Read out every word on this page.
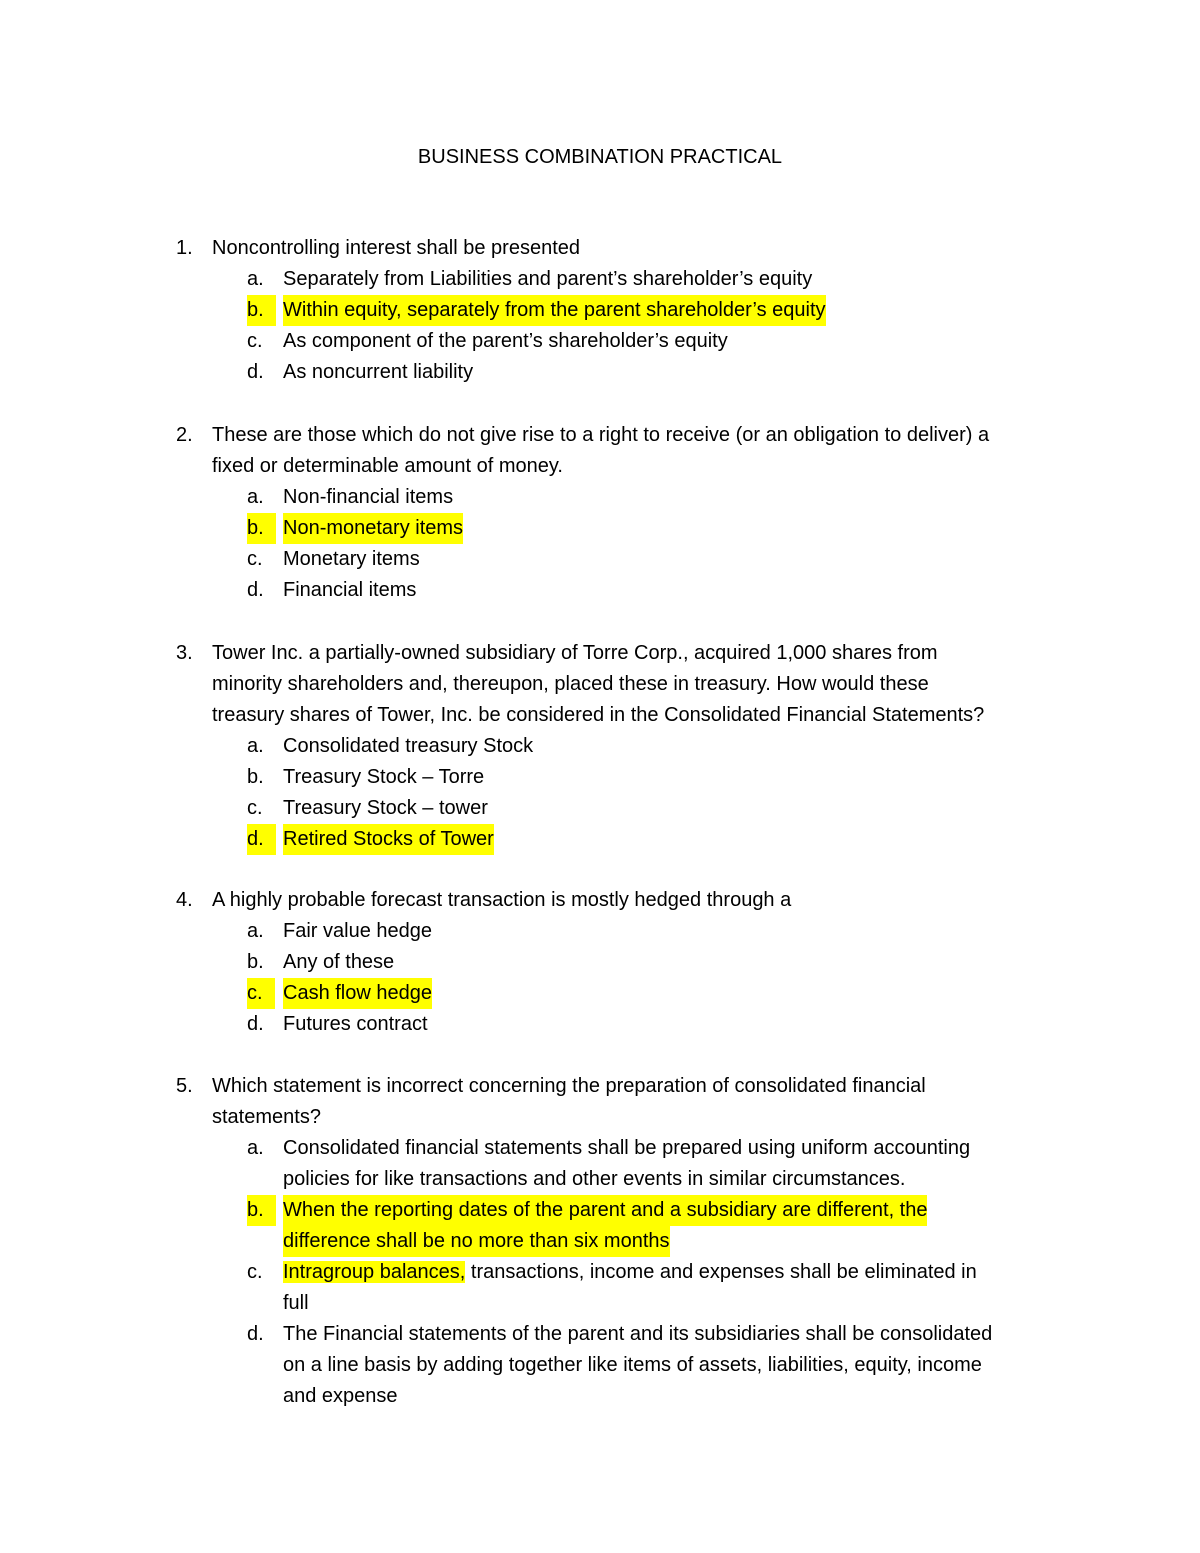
BUSINESS COMBINATION PRACTICAL
1. Noncontrolling interest shall be presented
a. Separately from Liabilities and parent’s shareholder’s equity
b. Within equity, separately from the parent shareholder’s equity
c. As component of the parent’s shareholder’s equity
d. As noncurrent liability
2. These are those which do not give rise to a right to receive (or an obligation to deliver) a
fixed or determinable amount of money.
a. Non-financial items
b. Non-monetary items
c. Monetary items
d. Financial items
3. Tower Inc. a partially-owned subsidiary of Torre Corp., acquired 1,000 shares from
minority shareholders and, thereupon, placed these in treasury. How would these
treasury shares of Tower, Inc. be considered in the Consolidated Financial Statements?
a. Consolidated treasury Stock
b. Treasury Stock – Torre
c. Treasury Stock – tower
d. Retired Stocks of Tower
4. A highly probable forecast transaction is mostly hedged through a
a. Fair value hedge
b. Any of these
c.	Cash flow hedge
d. Futures contract
5. Which statement is incorrect concerning the preparation of consolidated financial
statements?
a. Consolidated financial statements shall be prepared using uniform accounting
policies for like transactions and other events in similar circumstances.
b. When the reporting dates of the parent and a subsidiary are different, the
difference shall be no more than six months
c. Intragroup balances, transactions, income and expenses shall be eliminated in
full
d. The Financial statements of the parent and its subsidiaries shall be consolidated
on a line basis by adding together like items of assets, liabilities, equity, income
and expense
